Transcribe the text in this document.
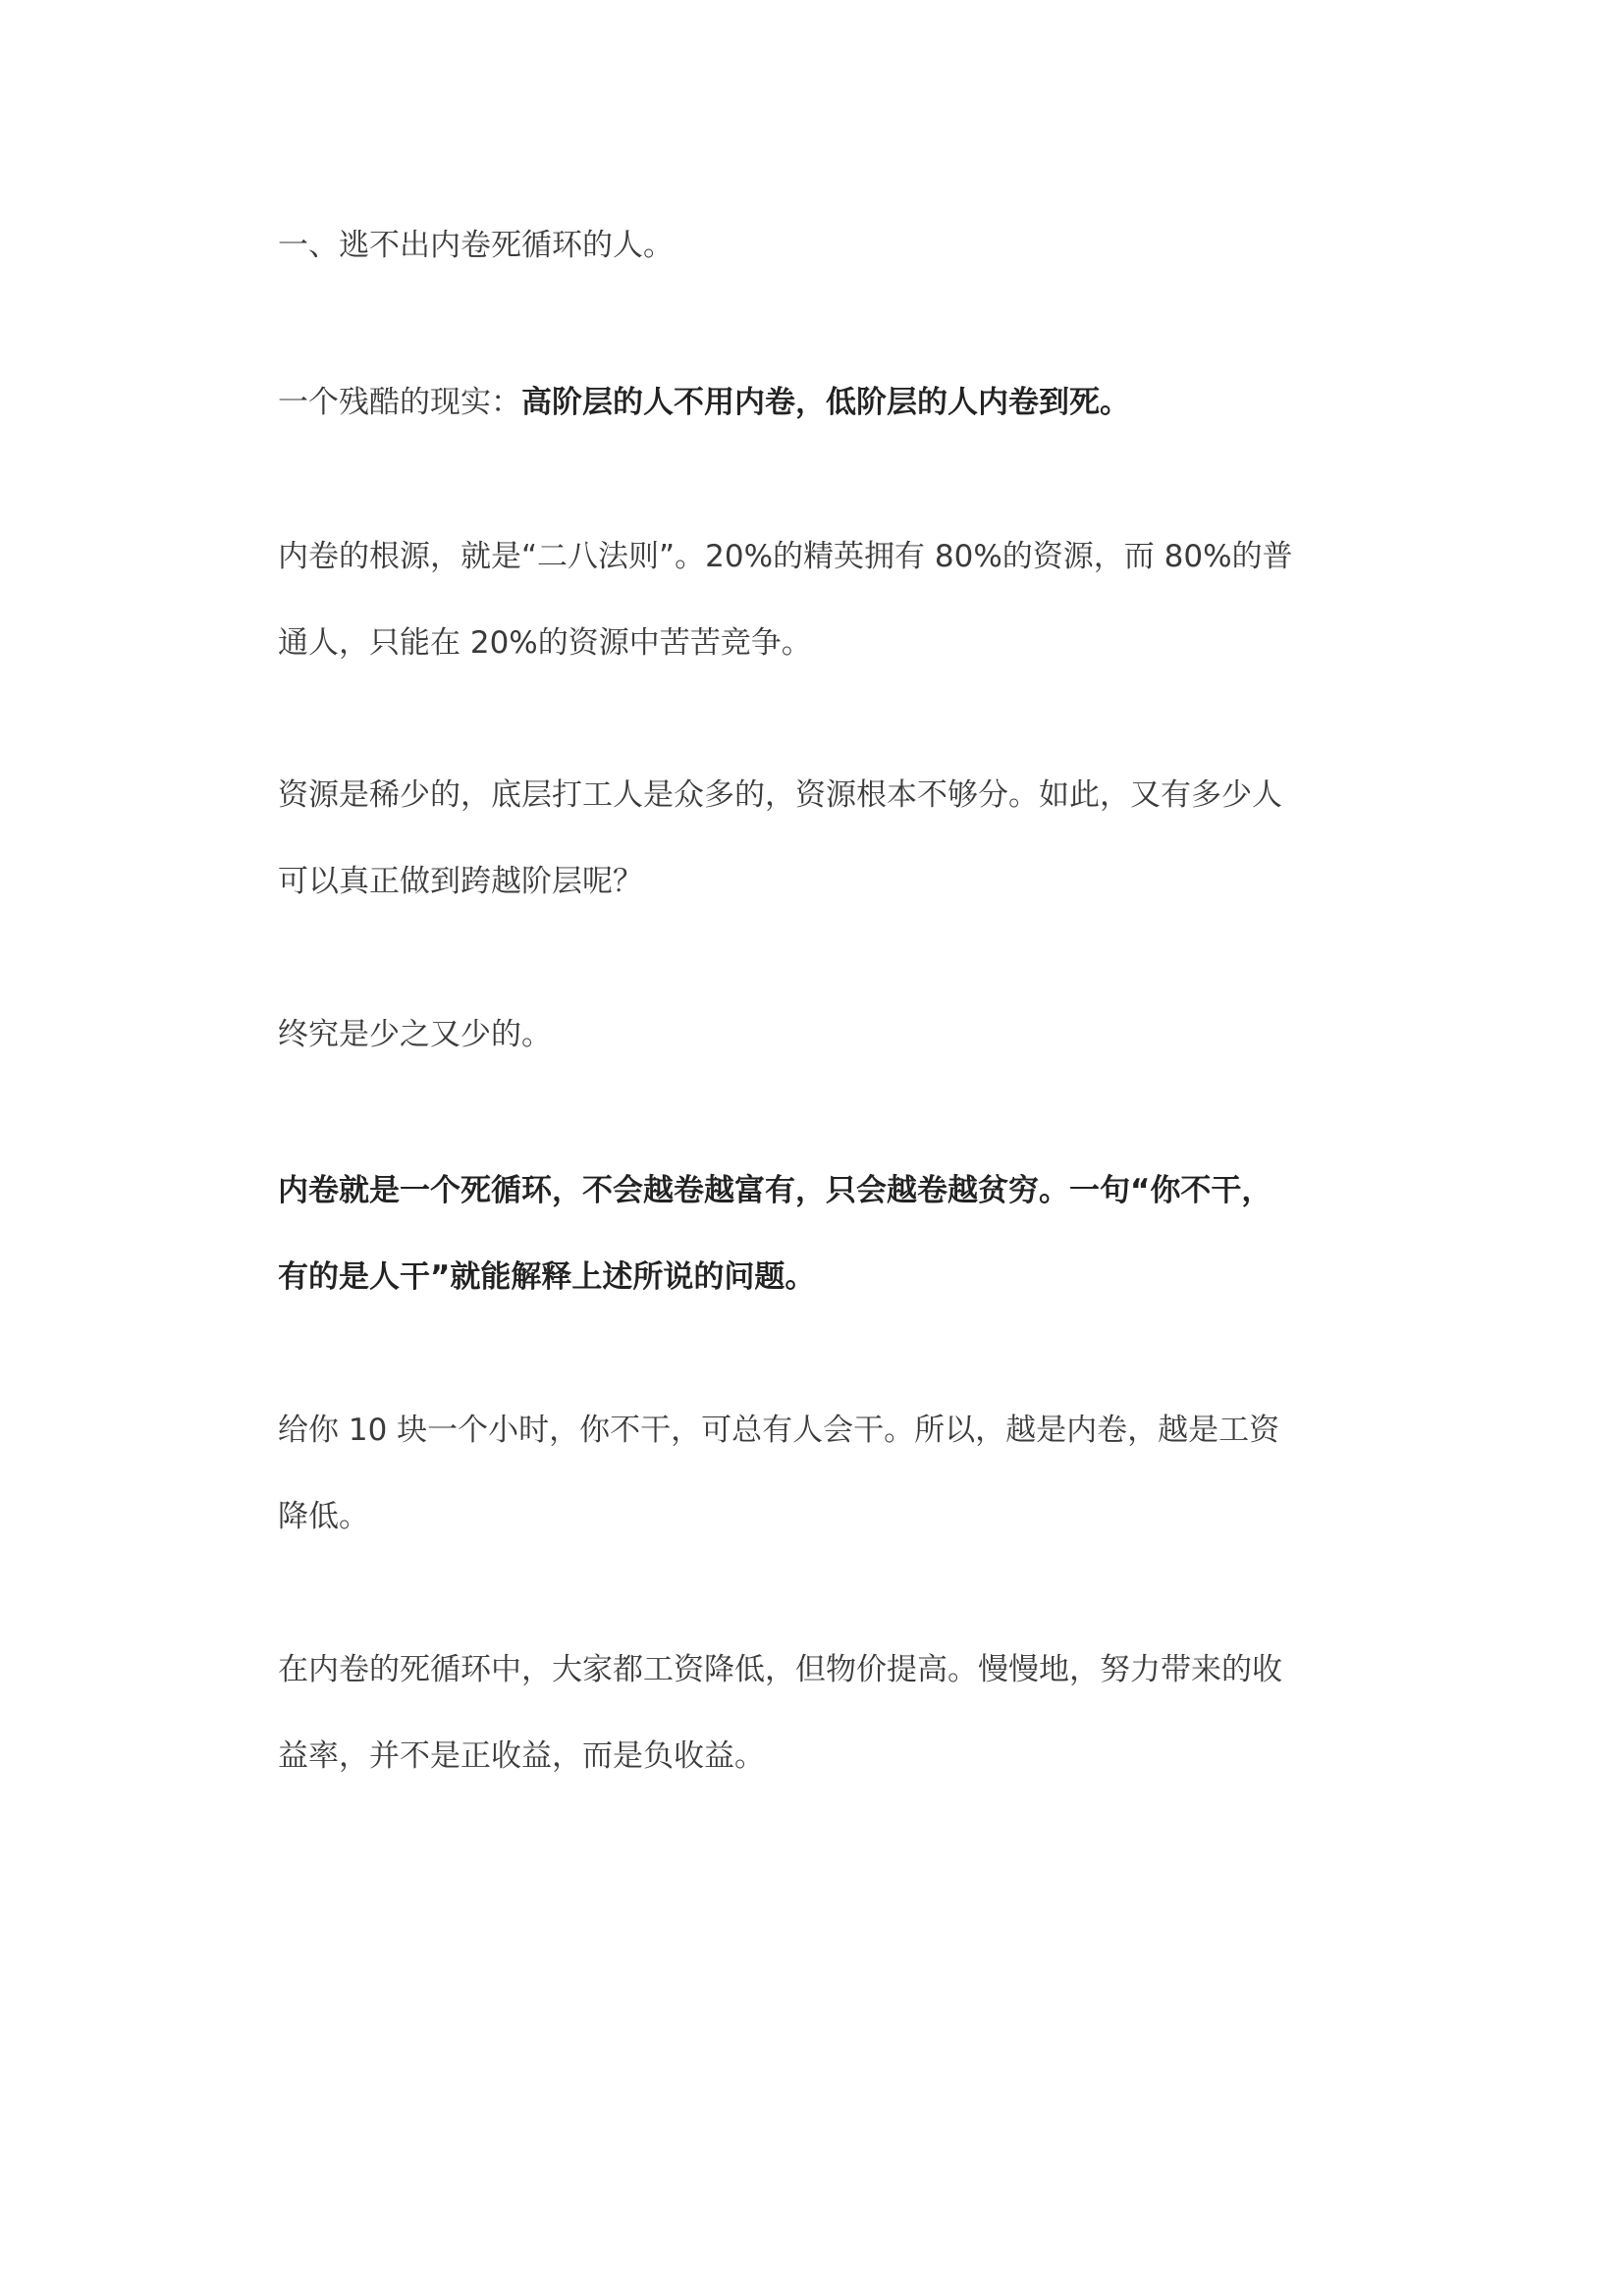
一、逃不出内卷死循环的人。

一个残酷的现实：高阶层的人不用内卷，低阶层的人内卷到死。

内卷的根源，就是“二八法则”。20%的精英拥有 80%的资源，而 80%的普
通人，只能在 20%的资源中苦苦竞争。

资源是稀少的，底层打工人是众多的，资源根本不够分。如此，又有多少人
可以真正做到跨越阶层呢？

终究是少之又少的。

内卷就是一个死循环，不会越卷越富有，只会越卷越贫穷。一句“你不干，
有的是人干”就能解释上述所说的问题。

给你 10 块一个小时，你不干，可总有人会干。所以，越是内卷，越是工资
降低。

在内卷的死循环中，大家都工资降低，但物价提高。慢慢地，努力带来的收
益率，并不是正收益，而是负收益。
